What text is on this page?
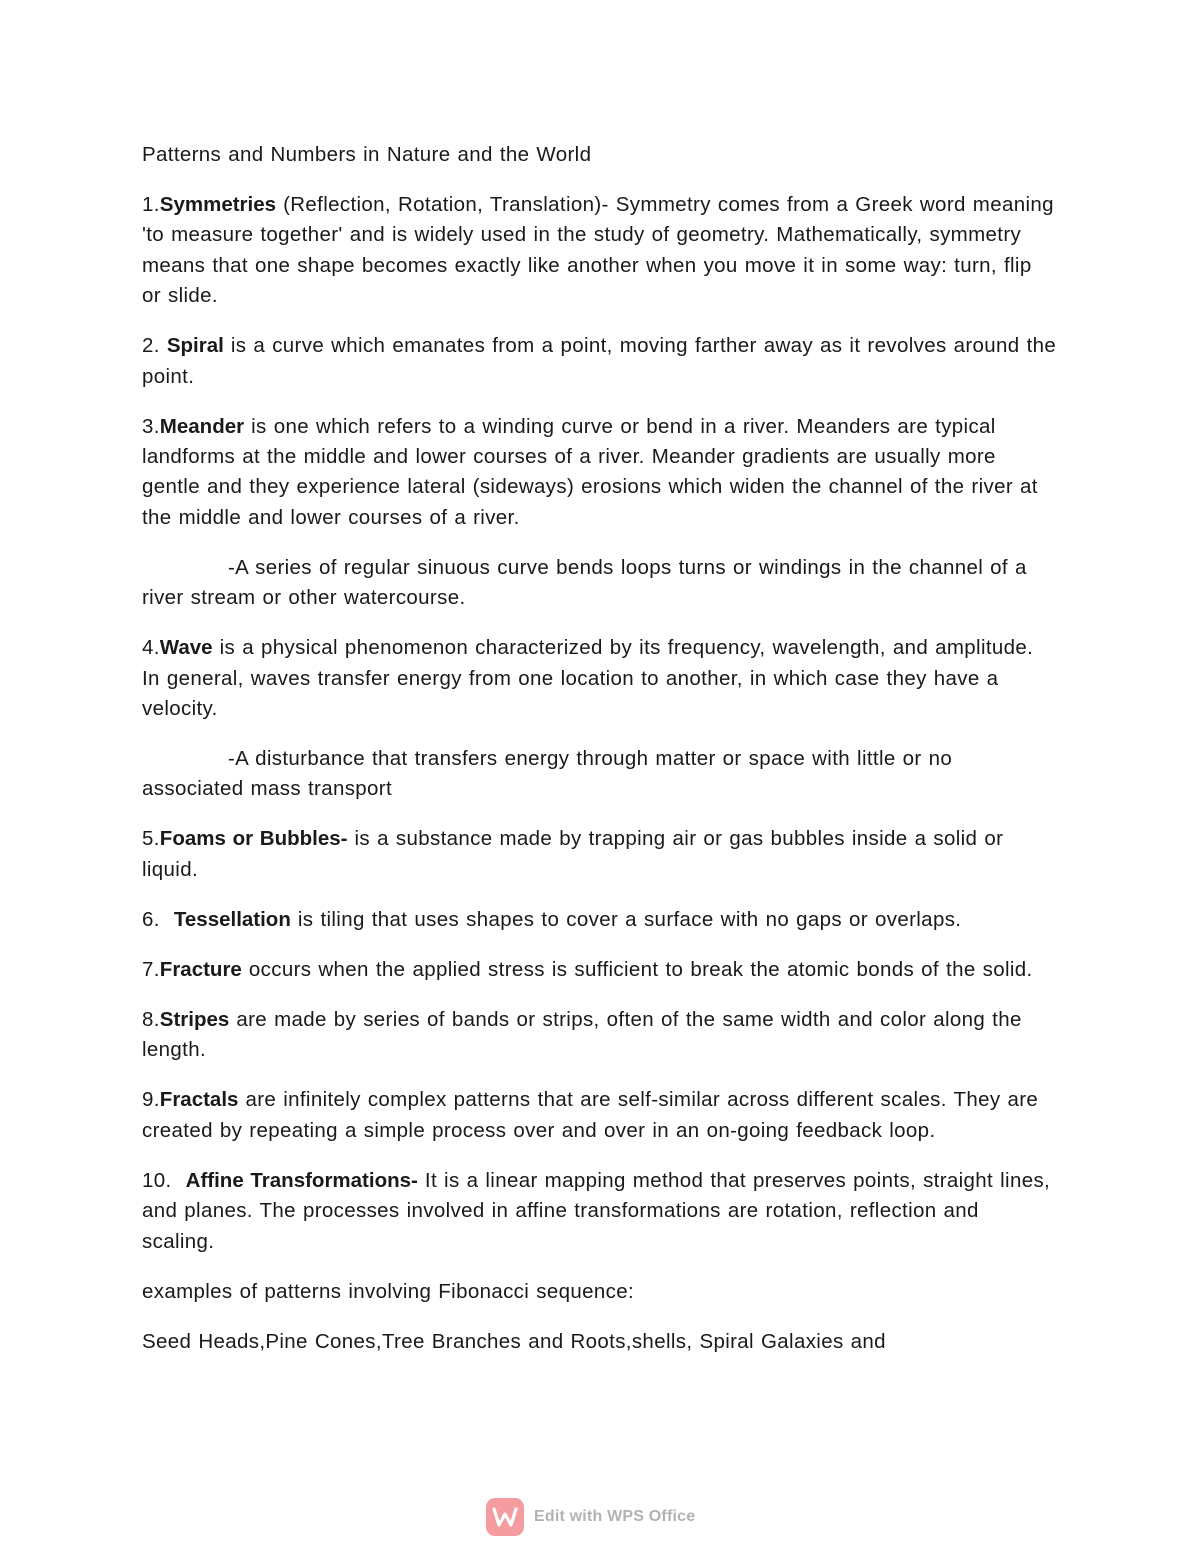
Patterns and Numbers in Nature and the World

1.Symmetries (Reflection, Rotation, Translation)- Symmetry comes from a Greek word meaning 'to measure together' and is widely used in the study of geometry. Mathematically, symmetry means that one shape becomes exactly like another when you move it in some way: turn, flip or slide.

2. Spiral is a curve which emanates from a point, moving farther away as it revolves around the point.

3.Meander is one which refers to a winding curve or bend in a river. Meanders are typical landforms at the middle and lower courses of a river. Meander gradients are usually more gentle and they experience lateral (sideways) erosions which widen the channel of the river at the middle and lower courses of a river.

-A series of regular sinuous curve bends loops turns or windings in the channel of a river stream or other watercourse.

4.Wave is a physical phenomenon characterized by its frequency, wavelength, and amplitude. In general, waves transfer energy from one location to another, in which case they have a velocity.

-A disturbance that transfers energy through matter or space with little or no associated mass transport

5.Foams or Bubbles- is a substance made by trapping air or gas bubbles inside a solid or liquid.

6.  Tessellation is tiling that uses shapes to cover a surface with no gaps or overlaps.

7.Fracture occurs when the applied stress is sufficient to break the atomic bonds of the solid.

8.Stripes are made by series of bands or strips, often of the same width and color along the length.

9.Fractals are infinitely complex patterns that are self-similar across different scales. They are created by repeating a simple process over and over in an on-going feedback loop.

10.  Affine Transformations- It is a linear mapping method that preserves points, straight lines, and planes. The processes involved in affine transformations are rotation, reflection and scaling.

examples of patterns involving Fibonacci sequence:

Seed Heads,Pine Cones,Tree Branches and Roots,shells, Spiral Galaxies and

Edit with WPS Office
